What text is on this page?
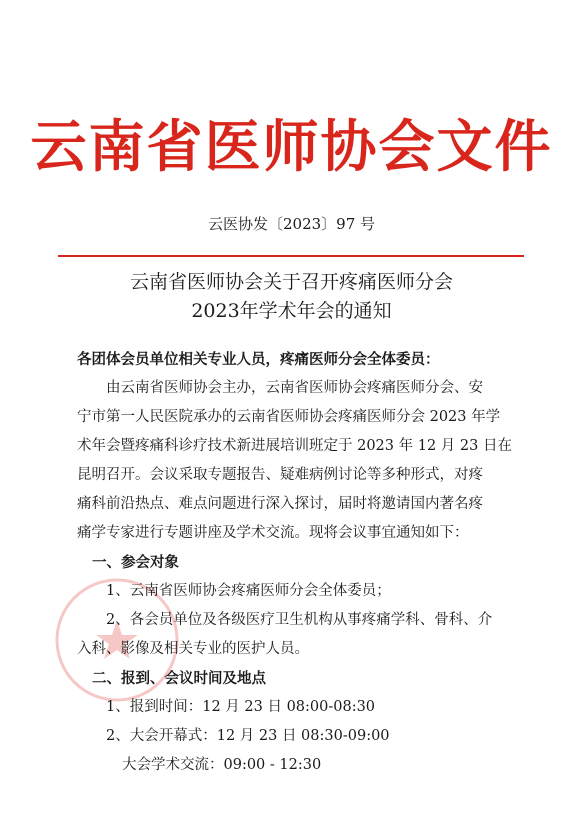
云南省医师协会文件
云医协发〔2023〕97 号
云南省医师协会关于召开疼痛医师分会
2023年学术年会的通知
各团体会员单位相关专业人员，疼痛医师分会全体委员：
由云南省医师协会主办，云南省医师协会疼痛医师分会、安
宁市第一人民医院承办的云南省医师协会疼痛医师分会 2023 年学
术年会暨疼痛科诊疗技术新进展培训班定于 2023 年 12 月 23 日在
昆明召开。会议采取专题报告、疑难病例讨论等多种形式，对疼
痛科前沿热点、难点问题进行深入探讨，届时将邀请国内著名疼
痛学专家进行专题讲座及学术交流。现将会议事宜通知如下：
一、参会对象
1、云南省医师协会疼痛医师分会全体委员；
2、各会员单位及各级医疗卫生机构从事疼痛学科、骨科、介
入科、影像及相关专业的医护人员。
二、报到、会议时间及地点
1、报到时间：12 月 23 日 08:00-08:30
2、大会开幕式：12 月 23 日 08:30-09:00
大会学术交流：09:00 - 12:30
